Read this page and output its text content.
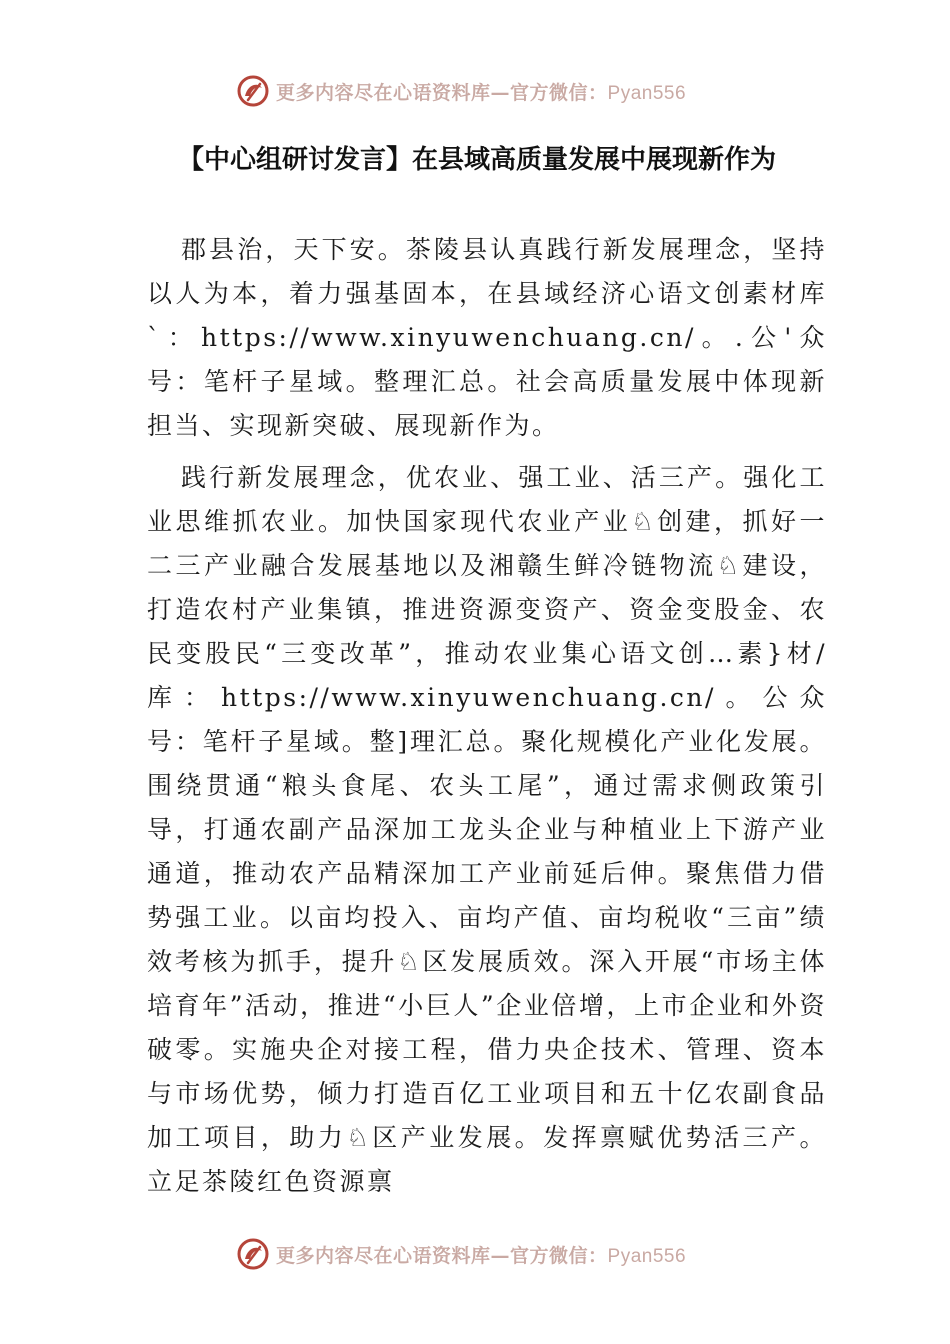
更多内容尽在心语资料库—官方微信：Pyan556
【中心组研讨发言】在县域高质量发展中展现新作为

郡县治，天下安。茶陵县认真践行新发展理念，坚持以人为本，着力强基固本，在县域经济心语文创素材库`：https://www.xinyuwenchuang.cn/。.公'众号：笔杆子星域。整理汇总。社会高质量发展中体现新担当、实现新突破、展现新作为。

践行新发展理念，优农业、强工业、活三产。强化工业思维抓农业。加快国家现代农业产业♘创建，抓好一二三产业融合发展基地以及湘赣生鲜冷链物流♘建设，打造农村产业集镇，推进资源变资产、资金变股金、农民变股民“三变改革”，推动农业集心语文创…素}材/库：https://www.xinyuwenchuang.cn/。公众号：笔杆子星域。整]理汇总。聚化规模化产业化发展。围绕贯通“粮头食尾、农头工尾”，通过需求侧政策引导，打通农副产品深加工龙头企业与种植业上下游产业通道，推动农产品精深加工产业前延后伸。聚焦借力借势强工业。以亩均投入、亩均产值、亩均税收“三亩”绩效考核为抓手，提升♘区发展质效。深入开展“市场主体培育年”活动，推进“小巨人”企业倍增，上市企业和外资破零。实施央企对接工程，借力央企技术、管理、资本与市场优势，倾力打造百亿工业项目和五十亿农副食品加工项目，助力♘区产业发展。发挥禀赋优势活三产。立足茶陵红色资源禀

更多内容尽在心语资料库—官方微信：Pyan556
